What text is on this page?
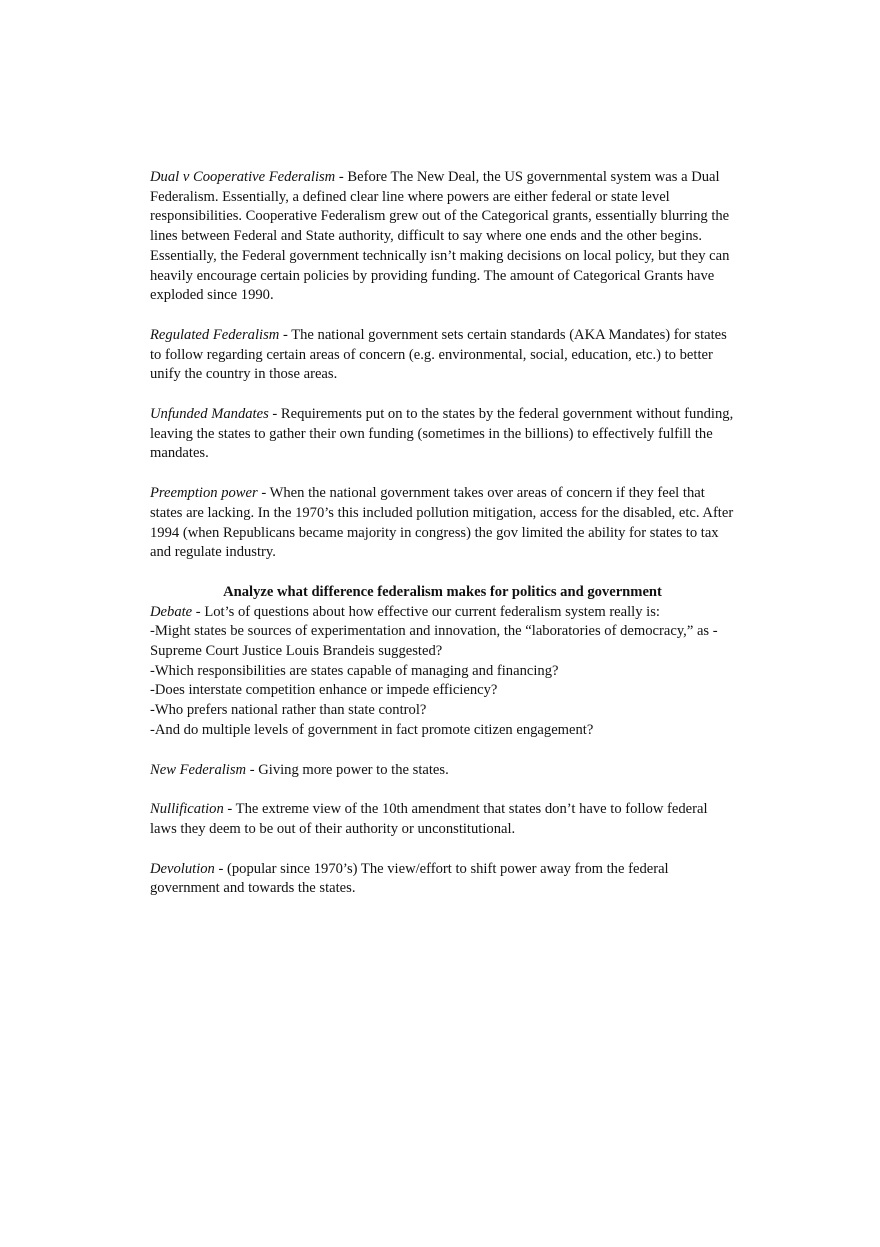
Dual v Cooperative Federalism - Before The New Deal, the US governmental system was a Dual Federalism. Essentially, a defined clear line where powers are either federal or state level responsibilities. Cooperative Federalism grew out of the Categorical grants, essentially blurring the lines between Federal and State authority, difficult to say where one ends and the other begins. Essentially, the Federal government technically isn’t making decisions on local policy, but they can heavily encourage certain policies by providing funding. The amount of Categorical Grants have exploded since 1990.

Regulated Federalism - The national government sets certain standards (AKA Mandates) for states to follow regarding certain areas of concern (e.g. environmental, social, education, etc.) to better unify the country in those areas.

Unfunded Mandates - Requirements put on to the states by the federal government without funding, leaving the states to gather their own funding (sometimes in the billions) to effectively fulfill the mandates.

Preemption power - When the national government takes over areas of concern if they feel that states are lacking. In the 1970’s this included pollution mitigation, access for the disabled, etc. After 1994 (when Republicans became majority in congress) the gov limited the ability for states to tax and regulate industry.

Analyze what difference federalism makes for politics and government

Debate - Lot’s of questions about how effective our current federalism system really is:

-Might states be sources of experimentation and innovation, the “laboratories of democracy,” as -Supreme Court Justice Louis Brandeis suggested?

-Which responsibilities are states capable of managing and financing?

-Does interstate competition enhance or impede efficiency?

-Who prefers national rather than state control?

-And do multiple levels of government in fact promote citizen engagement?

New Federalism - Giving more power to the states.

Nullification - The extreme view of the 10th amendment that states don’t have to follow federal laws they deem to be out of their authority or unconstitutional.

Devolution - (popular since 1970’s) The view/effort to shift power away from the federal government and towards the states.
